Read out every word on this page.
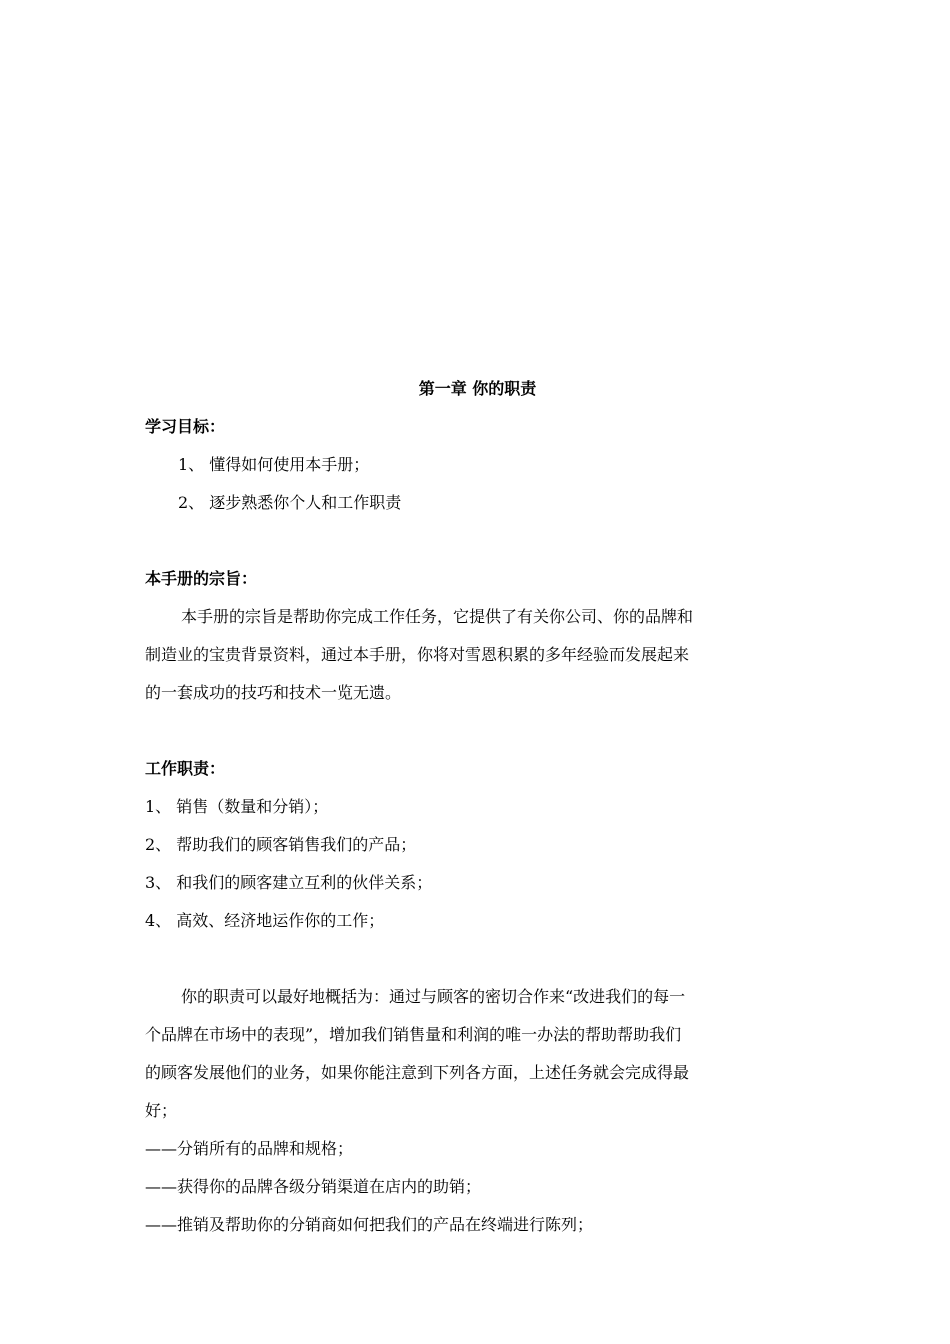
第一章 你的职责
学习目标：
1、 懂得如何使用本手册；
2、 逐步熟悉你个人和工作职责
本手册的宗旨：
本手册的宗旨是帮助你完成工作任务，它提供了有关你公司、你的品牌和
制造业的宝贵背景资料，通过本手册，你将对雪恩积累的多年经验而发展起来
的一套成功的技巧和技术一览无遗。
工作职责：
1、 销售（数量和分销）；
2、 帮助我们的顾客销售我们的产品；
3、 和我们的顾客建立互利的伙伴关系；
4、 高效、经济地运作你的工作；
你的职责可以最好地概括为：通过与顾客的密切合作来“改进我们的每一
个品牌在市场中的表现”，增加我们销售量和利润的唯一办法的帮助帮助我们
的顾客发展他们的业务，如果你能注意到下列各方面，上述任务就会完成得最
好；
——分销所有的品牌和规格；
——获得你的品牌各级分销渠道在店内的助销；
——推销及帮助你的分销商如何把我们的产品在终端进行陈列；
